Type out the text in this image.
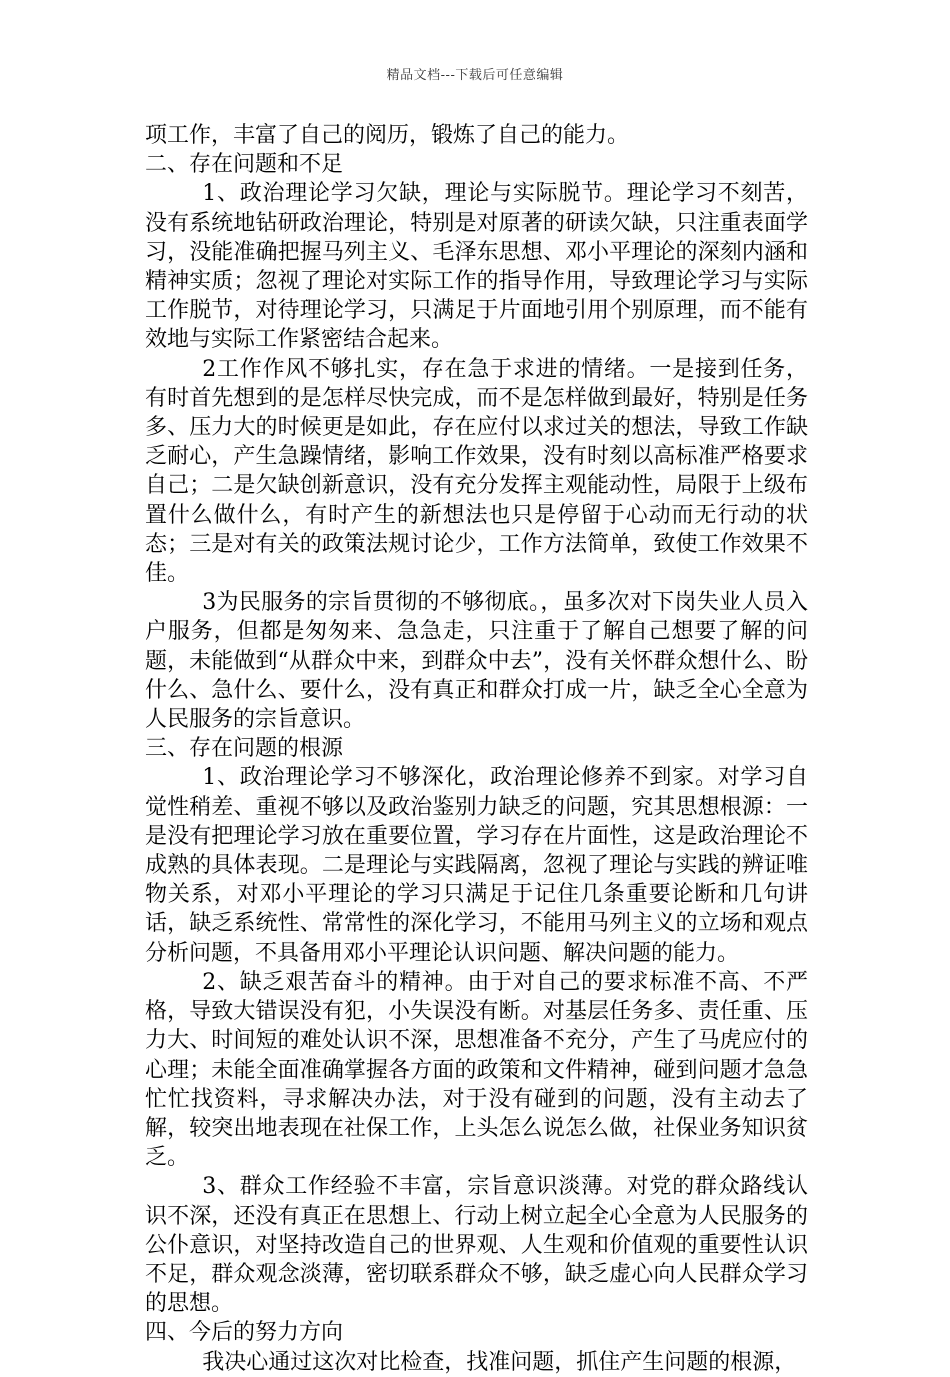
精品文档---下载后可任意编辑

项工作，丰富了自己的阅历，锻炼了自己的能力。

二、存在问题和不足

1、政治理论学习欠缺，理论与实际脱节。理论学习不刻苦，没有系统地钻研政治理论，特别是对原著的研读欠缺，只注重表面学习，没能准确把握马列主义、毛泽东思想、邓小平理论的深刻内涵和精神实质；忽视了理论对实际工作的指导作用，导致理论学习与实际工作脱节，对待理论学习，只满足于片面地引用个别原理，而不能有效地与实际工作紧密结合起来。

2工作作风不够扎实，存在急于求进的情绪。一是接到任务，有时首先想到的是怎样尽快完成，而不是怎样做到最好，特别是任务多、压力大的时候更是如此，存在应付以求过关的想法，导致工作缺乏耐心，产生急躁情绪，影响工作效果，没有时刻以高标准严格要求自己；二是欠缺创新意识，没有充分发挥主观能动性，局限于上级布置什么做什么，有时产生的新想法也只是停留于心动而无行动的状态；三是对有关的政策法规讨论少，工作方法简单，致使工作效果不佳。

3为民服务的宗旨贯彻的不够彻底。，虽多次对下岗失业人员入户服务，但都是匆匆来、急急走，只注重于了解自己想要了解的问题，未能做到“从群众中来，到群众中去”，没有关怀群众想什么、盼什么、急什么、要什么，没有真正和群众打成一片，缺乏全心全意为人民服务的宗旨意识。

三、存在问题的根源

1、政治理论学习不够深化，政治理论修养不到家。对学习自觉性稍差、重视不够以及政治鉴别力缺乏的问题，究其思想根源：一是没有把理论学习放在重要位置，学习存在片面性，这是政治理论不成熟的具体表现。二是理论与实践隔离，忽视了理论与实践的辨证唯物关系，对邓小平理论的学习只满足于记住几条重要论断和几句讲话，缺乏系统性、常常性的深化学习，不能用马列主义的立场和观点分析问题，不具备用邓小平理论认识问题、解决问题的能力。

2、缺乏艰苦奋斗的精神。由于对自己的要求标准不高、不严格，导致大错误没有犯，小失误没有断。对基层任务多、责任重、压力大、时间短的难处认识不深，思想准备不充分，产生了马虎应付的心理；未能全面准确掌握各方面的政策和文件精神，碰到问题才急急忙忙找资料，寻求解决办法，对于没有碰到的问题，没有主动去了解，较突出地表现在社保工作，上头怎么说怎么做，社保业务知识贫乏。

3、群众工作经验不丰富，宗旨意识淡薄。对党的群众路线认识不深，还没有真正在思想上、行动上树立起全心全意为人民服务的公仆意识，对坚持改造自己的世界观、人生观和价值观的重要性认识不足，群众观念淡薄，密切联系群众不够，缺乏虚心向人民群众学习的思想。

四、今后的努力方向

我决心通过这次对比检查，找准问题，抓住产生问题的根源，
